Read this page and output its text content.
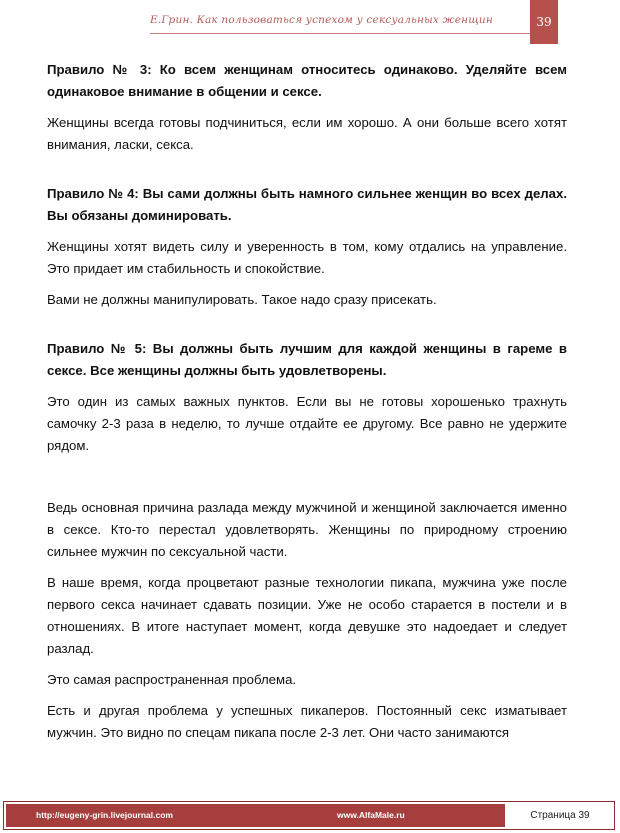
Е.Грин. Как пользоваться успехом у сексуальных женщин	39

Правило № 3: Ко всем женщинам относитесь одинаково. Уделяйте всем одинаковое внимание в общении и сексе.

Женщины всегда готовы подчиниться, если им хорошо. А они больше всего хотят внимания, ласки, секса.

Правило № 4: Вы сами должны быть намного сильнее женщин во всех делах. Вы обязаны доминировать.

Женщины хотят видеть силу и уверенность в том, кому отдались на управление. Это придает им стабильность и спокойствие.

Вами не должны манипулировать. Такое надо сразу присекать.

Правило № 5: Вы должны быть лучшим для каждой женщины в гареме в сексе. Все женщины должны быть удовлетворены.

Это один из самых важных пунктов. Если вы не готовы хорошенько трахнуть самочку 2-3 раза в неделю, то лучше отдайте ее другому. Все равно не удержите рядом.

Ведь основная причина разлада между мужчиной и женщиной заключается именно в сексе. Кто-то перестал удовлетворять. Женщины по природному строению сильнее мужчин по сексуальной части.

В наше время, когда процветают разные технологии пикапа, мужчина уже после первого секса начинает сдавать позиции. Уже не особо старается в постели и в отношениях. В итоге наступает момент, когда девушке это надоедает и следует разлад.

Это самая распространенная проблема.

Есть и другая проблема у успешных пикаперов. Постоянный секс изматывает мужчин. Это видно по спецам пикапа после 2-3 лет. Они часто занимаются

http://eugeny-grin.livejournal.com	www.AlfaMale.ru	Страница 39
